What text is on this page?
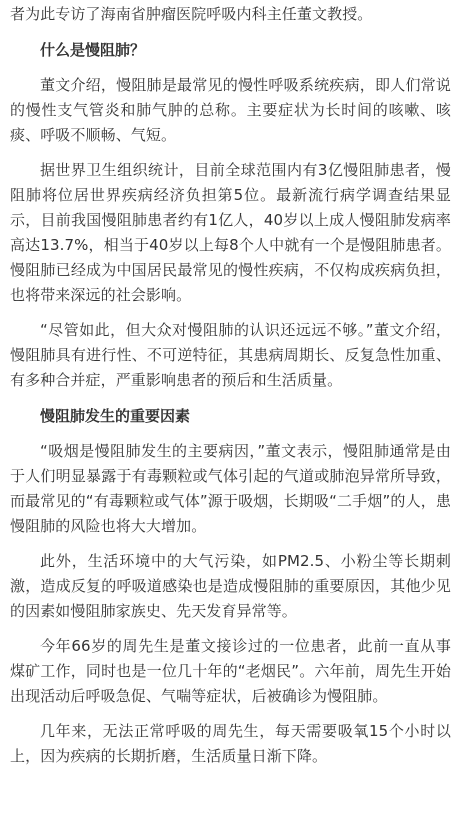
者为此专访了海南省肿瘤医院呼吸内科主任董文教授。

什么是慢阻肺？

董文介绍，慢阻肺是最常见的慢性呼吸系统疾病，即人们常说的慢性支气管炎和肺气肿的总称。主要症状为长时间的咳嗽、咳痰、呼吸不顺畅、气短。

据世界卫生组织统计，目前全球范围内有3亿慢阻肺患者，慢阻肺将位居世界疾病经济负担第5位。最新流行病学调查结果显示，目前我国慢阻肺患者约有1亿人，40岁以上成人慢阻肺发病率高达13.7%，相当于40岁以上每8个人中就有一个是慢阻肺患者。慢阻肺已经成为中国居民最常见的慢性疾病，不仅构成疾病负担，也将带来深远的社会影响。

“尽管如此，但大众对慢阻肺的认识还远远不够。”董文介绍，慢阻肺具有进行性、不可逆特征，其患病周期长、反复急性加重、有多种合并症，严重影响患者的预后和生活质量。

慢阻肺发生的重要因素

“吸烟是慢阻肺发生的主要病因，”董文表示，慢阻肺通常是由于人们明显暴露于有毒颗粒或气体引起的气道或肺泡异常所导致，而最常见的“有毒颗粒或气体”源于吸烟，长期吸“二手烟”的人，患慢阻肺的风险也将大大增加。

此外，生活环境中的大气污染，如PM2.5、小粉尘等长期刺激，造成反复的呼吸道感染也是造成慢阻肺的重要原因，其他少见的因素如慢阻肺家族史、先天发育异常等。

今年66岁的周先生是董文接诊过的一位患者，此前一直从事煤矿工作，同时也是一位几十年的“老烟民”。六年前，周先生开始出现活动后呼吸急促、气喘等症状，后被确诊为慢阻肺。

几年来，无法正常呼吸的周先生，每天需要吸氧15个小时以上，因为疾病的长期折磨，生活质量日渐下降。
